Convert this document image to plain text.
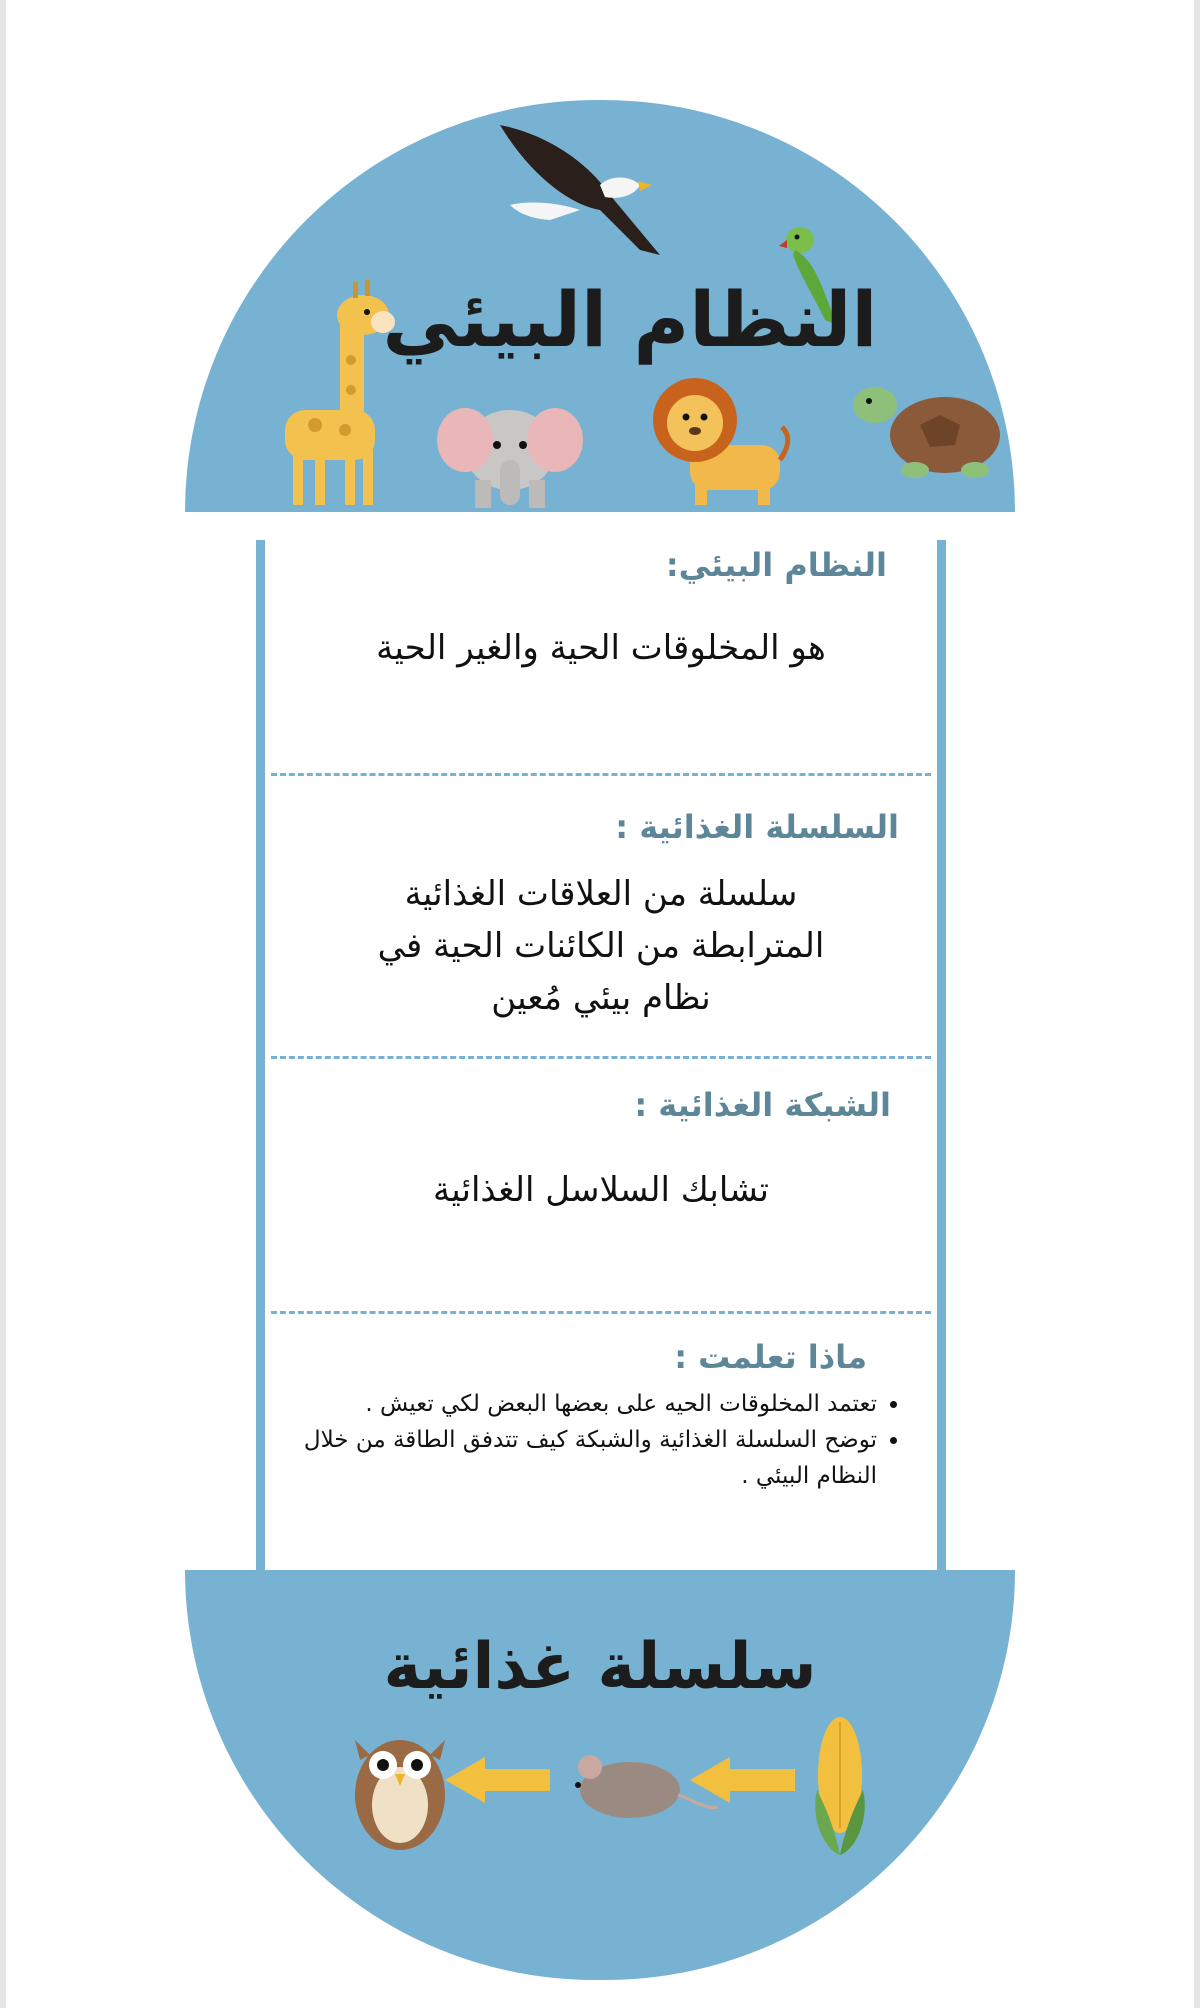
النظام البيئي

النظام البيئي:

هو المخلوقات الحية والغير الحية

السلسلة الغذائية :

سلسلة من العلاقات الغذائية

المترابطة من الكائنات الحية في

نظام بيئي مُعين

الشبكة الغذائية :

تشابك السلاسل الغذائية

ماذا تعلمت :

• تعتمد المخلوقات الحيه على بعضها البعض لكي تعيش .
• توضح السلسلة الغذائية والشبكة كيف تتدفق الطاقة من خلال النظام البيئي .
سلسلة غذائية
